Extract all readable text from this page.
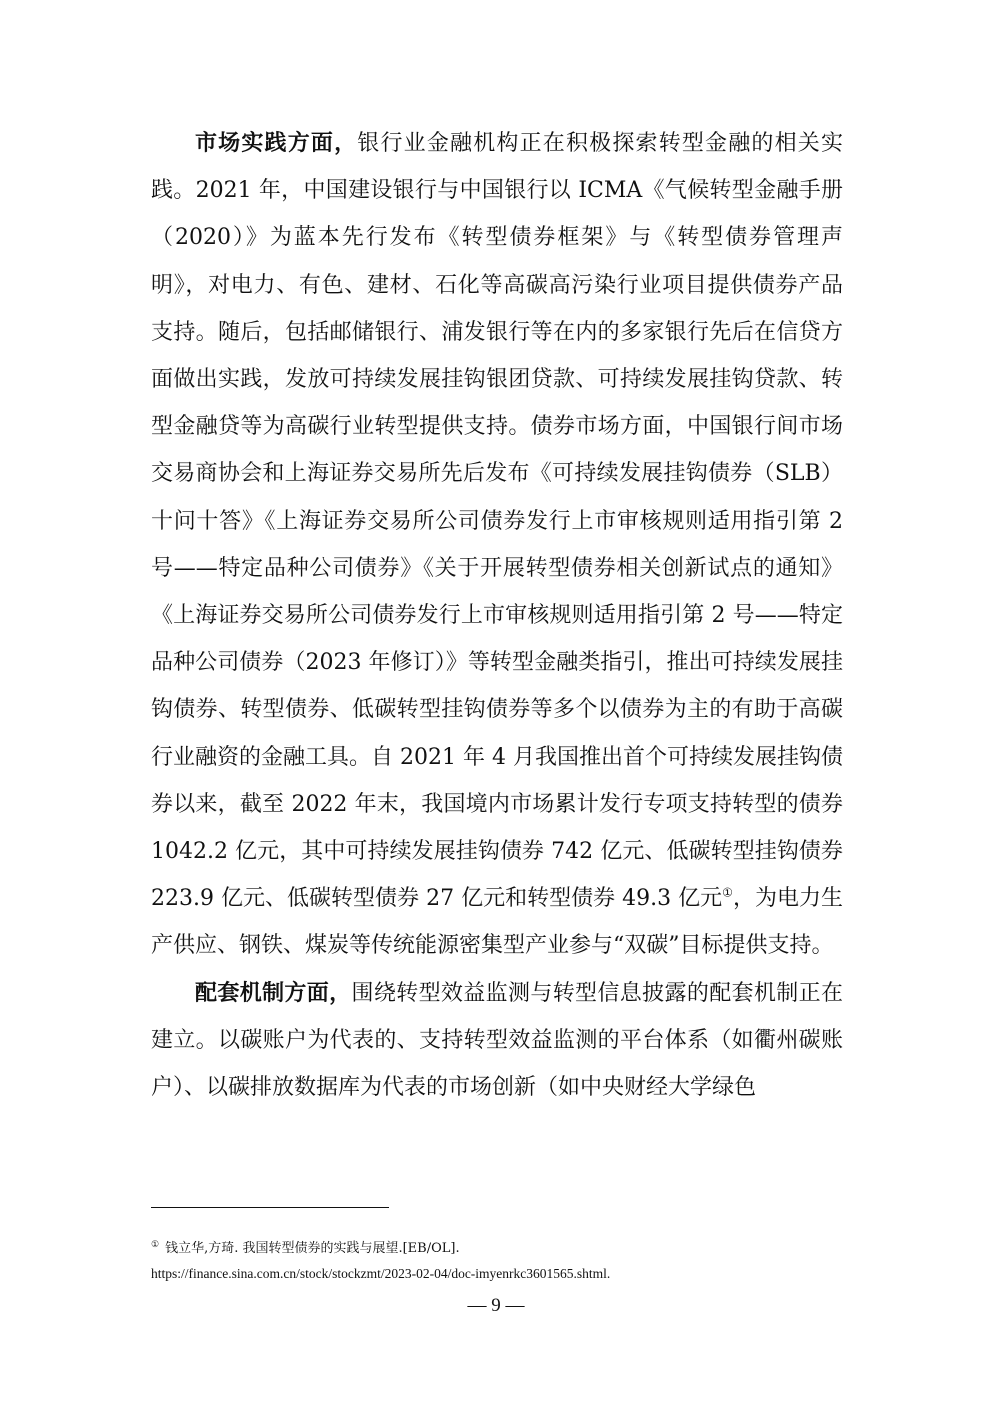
市场实践方面，银行业金融机构正在积极探索转型金融的相关实践。2021 年，中国建设银行与中国银行以 ICMA《气候转型金融手册（2020）》为蓝本先行发布《转型债券框架》与《转型债券管理声明》，对电力、有色、建材、石化等高碳高污染行业项目提供债券产品支持。随后，包括邮储银行、浦发银行等在内的多家银行先后在信贷方面做出实践，发放可持续发展挂钩银团贷款、可持续发展挂钩贷款、转型金融贷等为高碳行业转型提供支持。债券市场方面，中国银行间市场交易商协会和上海证券交易所先后发布《可持续发展挂钩债券（SLB）十问十答》《上海证券交易所公司债券发行上市审核规则适用指引第 2 号——特定品种公司债券》《关于开展转型债券相关创新试点的通知》《上海证券交易所公司债券发行上市审核规则适用指引第 2 号——特定品种公司债券（2023 年修订）》等转型金融类指引，推出可持续发展挂钩债券、转型债券、低碳转型挂钩债券等多个以债券为主的有助于高碳行业融资的金融工具。自 2021 年 4 月我国推出首个可持续发展挂钩债券以来，截至 2022 年末，我国境内市场累计发行专项支持转型的债券 1042.2 亿元，其中可持续发展挂钩债券 742 亿元、低碳转型挂钩债券 223.9 亿元、低碳转型债券 27 亿元和转型债券 49.3 亿元①，为电力生产供应、钢铁、煤炭等传统能源密集型产业参与“双碳”目标提供支持。

配套机制方面，围绕转型效益监测与转型信息披露的配套机制正在建立。以碳账户为代表的、支持转型效益监测的平台体系（如衢州碳账户）、以碳排放数据库为代表的市场创新（如中央财经大学绿色

① 钱立华,方琦. 我国转型债券的实践与展望.[EB/OL].
https://finance.sina.com.cn/stock/stockzmt/2023-02-04/doc-imyenrkc3601565.shtml.
— 9 —
